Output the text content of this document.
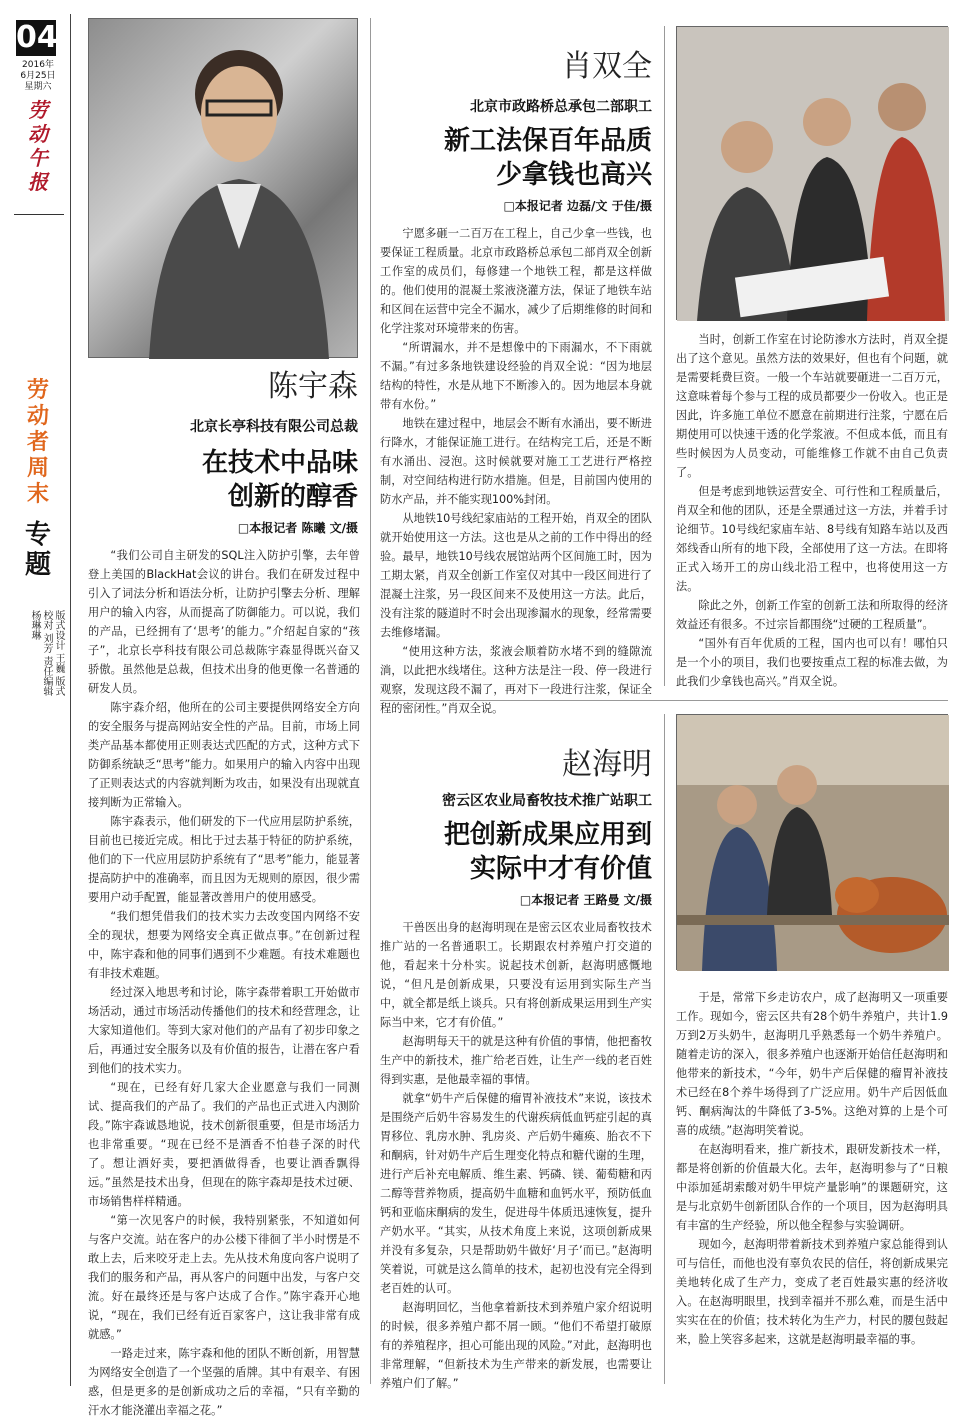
04
2016年
6月25日
星期六
劳动午报
劳动者周末
专题
版式设计 王巍 版式校对 刘芳 责任编辑 杨琳琳
陈宇森
北京长亭科技有限公司总裁
在技术中品味
创新的醇香
□本报记者 陈曦 文/摄

“我们公司自主研发的SQL注入防护引擎，去年曾登上美国的BlackHat会议的讲台。我们在研发过程中引入了词法分析和语法分析，让防护引擎去分析、理解用户的输入内容，从而提高了防御能力。可以说，我们的产品，已经拥有了‘思考’的能力。”介绍起自家的“孩子”，北京长亭科技有限公司总裁陈宇森显得既兴奋又骄傲。虽然他是总裁，但技术出身的他更像一名普通的研发人员。

陈宇森介绍，他所在的公司主要提供网络安全方向的安全服务与提高网站安全性的产品。目前，市场上同类产品基本都使用正则表达式匹配的方式，这种方式下防御系统缺乏“思考”能力。如果用户的输入内容中出现了正则表达式的内容就判断为攻击，如果没有出现就直接判断为正常输入。

陈宇森表示，他们研发的下一代应用层防护系统，目前也已接近完成。相比于过去基于特征的防护系统，他们的下一代应用层防护系统有了“思考”能力，能显著提高防护中的准确率，而且因为无规则的原因，很少需要用户动手配置，能显著改善用户的使用感受。

“我们想凭借我们的技术实力去改变国内网络不安全的现状，想要为网络安全真正做点事。”在创新过程中，陈宇森和他的同事们遇到不少难题。有技术难题也有非技术难题。

经过深入地思考和讨论，陈宇森带着职工开始做市场活动，通过市场活动传播他们的技术和经营理念，让大家知道他们。等到大家对他们的产品有了初步印象之后，再通过安全服务以及有价值的报告，让潜在客户看到他们的技术实力。

“现在，已经有好几家大企业愿意与我们一同测试、提高我们的产品了。我们的产品也正式进入内测阶段。”陈宇森诚恳地说，技术创新很重要，但是市场活力也非常重要。“现在已经不是酒香不怕巷子深的时代了。想让酒好卖，要把酒做得香，也要让酒香飘得远。”虽然是技术出身，但现在的陈宇森却是技术过硬、市场销售样样精通。

“第一次见客户的时候，我特别紧张，不知道如何与客户交流。站在客户的办公楼下徘徊了半小时愣是不敢上去，后来咬牙走上去。先从技术角度向客户说明了我们的服务和产品，再从客户的问题中出发，与客户交流。好在最终还是与客户达成了合作。”陈宇森开心地说，“现在，我们已经有近百家客户，这让我非常有成就感。”

一路走过来，陈宇森和他的团队不断创新，用智慧为网络安全创造了一个坚强的盾牌。其中有艰辛、有困惑，但是更多的是创新成功之后的幸福，“只有辛勤的汗水才能浇灌出幸福之花。”

肖双全
北京市政路桥总承包二部职工
新工法保百年品质
少拿钱也高兴
□本报记者 边磊/文 于佳/摄

宁愿多砸一二百万在工程上，自己少拿一些钱，也要保证工程质量。北京市政路桥总承包二部肖双全创新工作室的成员们，每修建一个地铁工程，都是这样做的。他们使用的混凝土浆液浇灌方法，保证了地铁车站和区间在运营中完全不漏水，减少了后期维修的时间和化学注浆对环境带来的伤害。

“所谓漏水，并不是想像中的下雨漏水，不下雨就不漏。”有过多条地铁建设经验的肖双全说：“因为地层结构的特性，水是从地下不断渗入的。因为地层本身就带有水份。”

地铁在建过程中，地层会不断有水涌出，要不断进行降水，才能保证施工进行。在结构完工后，还是不断有水涌出、浸泡。这时候就要对施工工艺进行严格控制，对空间结构进行防水措施。但是，目前国内使用的防水产品，并不能实现100%封闭。

从地铁10号线纪家庙站的工程开始，肖双全的团队就开始使用这一方法。这也是从之前的工作中得出的经验。最早，地铁10号线农展馆站两个区间施工时，因为工期太紧，肖双全创新工作室仅对其中一段区间进行了混凝土注浆，另一段区间来不及使用这一方法。此后，没有注浆的隧道时不时会出现渗漏水的现象，经常需要去维修堵漏。

“使用这种方法，浆液会顺着防水堵不到的缝隙流淌，以此把水线堵住。这种方法是注一段、停一段进行观察，发现这段不漏了，再对下一段进行注浆，保证全程的密闭性。”肖双全说。

当时，创新工作室在讨论防渗水方法时，肖双全提出了这个意见。虽然方法的效果好，但也有个问题，就是需要耗费巨资。一般一个车站就要砸进一二百万元，这意味着每个参与工程的成员都要少一份收入。也正是因此，许多施工单位不愿意在前期进行注浆，宁愿在后期使用可以快速干透的化学浆液。不但成本低，而且有些时候因为人员变动，可能维修工作就不由自己负责了。

但是考虑到地铁运营安全、可行性和工程质量后，肖双全和他的团队，还是全票通过这一方法，并着手讨论细节。10号线纪家庙车站、8号线有知路车站以及西郊线香山所有的地下段，全部使用了这一方法。在即将正式入场开工的房山线北沿工程中，也将使用这一方法。

除此之外，创新工作室的创新工法和所取得的经济效益还有很多。不过宗旨都围绕“过硬的工程质量”。

“国外有百年优质的工程，国内也可以有！哪怕只是一个小的项目，我们也要按重点工程的标准去做，为此我们少拿钱也高兴。”肖双全说。

赵海明
密云区农业局畜牧技术推广站职工
把创新成果应用到
实际中才有价值
□本报记者 王路曼 文/摄

干兽医出身的赵海明现在是密云区农业局畜牧技术推广站的一名普通职工。长期跟农村养殖户打交道的他，看起来十分朴实。说起技术创新，赵海明感慨地说，“但凡是创新成果，只要没有运用到实际生产当中，就全都是纸上谈兵。只有将创新成果运用到生产实际当中来，它才有价值。”

赵海明每天干的就是这种有价值的事情，他把畜牧生产中的新技术，推广给老百姓，让生产一线的老百姓得到实惠，是他最幸福的事情。

就拿“奶牛产后保健的瘤胃补液技术”来说，该技术是围绕产后奶牛容易发生的代谢疾病低血钙症引起的真胃移位、乳房水肿、乳房炎、产后奶牛瘫痪、胎衣不下和酮病，针对奶牛产后生理变化特点和糖代谢的生理，进行产后补充电解质、维生素、钙磷、镁、葡萄糖和丙二醇等营养物质，提高奶牛血糖和血钙水平，预防低血钙和亚临床酮病的发生，促进母牛体质迅速恢复，提升产奶水平。“其实，从技术角度上来说，这项创新成果并没有多复杂，只是帮助奶牛做好‘月子’而已。”赵海明笑着说，可就是这么简单的技术，起初也没有完全得到老百姓的认可。

赵海明回忆，当他拿着新技术到养殖户家介绍说明的时候，很多养殖户都不屑一顾。“他们不希望打破原有的养殖程序，担心可能出现的风险。”对此，赵海明也非常理解，“但新技术为生产带来的新发展，也需要让养殖户们了解。”

于是，常常下乡走访农户，成了赵海明又一项重要工作。现如今，密云区共有28个奶牛养殖户，共计1.9万到2万头奶牛，赵海明几乎熟悉每一个奶牛养殖户。随着走访的深入，很多养殖户也逐渐开始信任赵海明和他带来的新技术，“今年，奶牛产后保健的瘤胃补液技术已经在8个养牛场得到了广泛应用。奶牛产后因低血钙、酮病淘汰的牛降低了3-5%。这绝对算的上是个可喜的成绩。”赵海明笑着说。

在赵海明看来，推广新技术，跟研发新技术一样，都是将创新的价值最大化。去年，赵海明参与了“日粮中添加延胡索酸对奶牛甲烷产量影响”的课题研究，这是与北京奶牛创新团队合作的一个项目，因为赵海明具有丰富的生产经验，所以他全程参与实验调研。

现如今，赵海明带着新技术到养殖户家总能得到认可与信任，而他也没有辜负农民的信任，将创新成果完美地转化成了生产力，变成了老百姓最实惠的经济收入。在赵海明眼里，找到幸福并不那么难，而是生活中实实在在的价值；技术转化为生产力，村民的腰包鼓起来，脸上笑容多起来，这就是赵海明最幸福的事。
